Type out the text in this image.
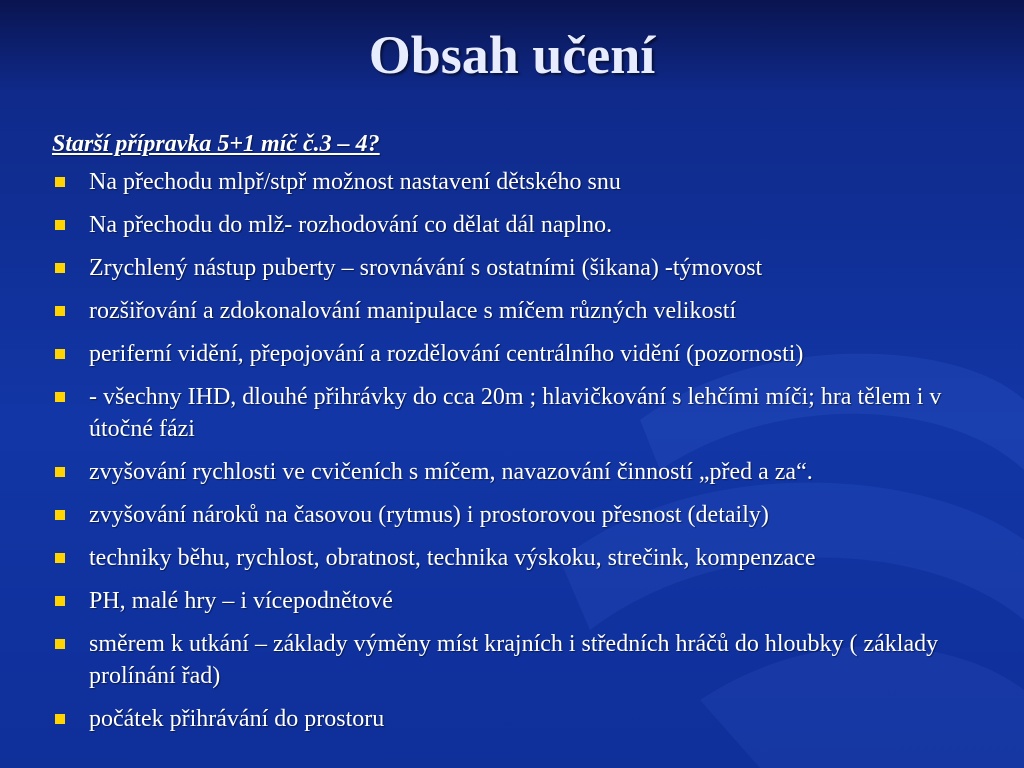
Obsah učení
Starší přípravka 5+1 míč č.3 – 4?
Na přechodu mlpř/stpř možnost nastavení dětského snu
Na přechodu do mlž- rozhodování co dělat dál naplno.
Zrychlený nástup puberty – srovnávání s ostatními (šikana) -týmovost
rozšiřování a zdokonalování manipulace s míčem různých velikostí
periferní vidění, přepojování a rozdělování centrálního vidění (pozornosti)
- všechny IHD, dlouhé přihrávky do cca 20m ; hlavičkování s lehčími míči; hra tělem i v útočné fázi
zvyšování rychlosti ve cvičeních s míčem, navazování činností „před a za“.
zvyšování nároků na časovou (rytmus) i prostorovou přesnost (detaily)
techniky běhu, rychlost, obratnost, technika výskoku, strečink, kompenzace
PH, malé hry – i vícepodnětové
směrem k utkání – základy výměny míst krajních i středních hráčů do hloubky ( základy prolínání řad)
počátek přihrávání do prostoru
